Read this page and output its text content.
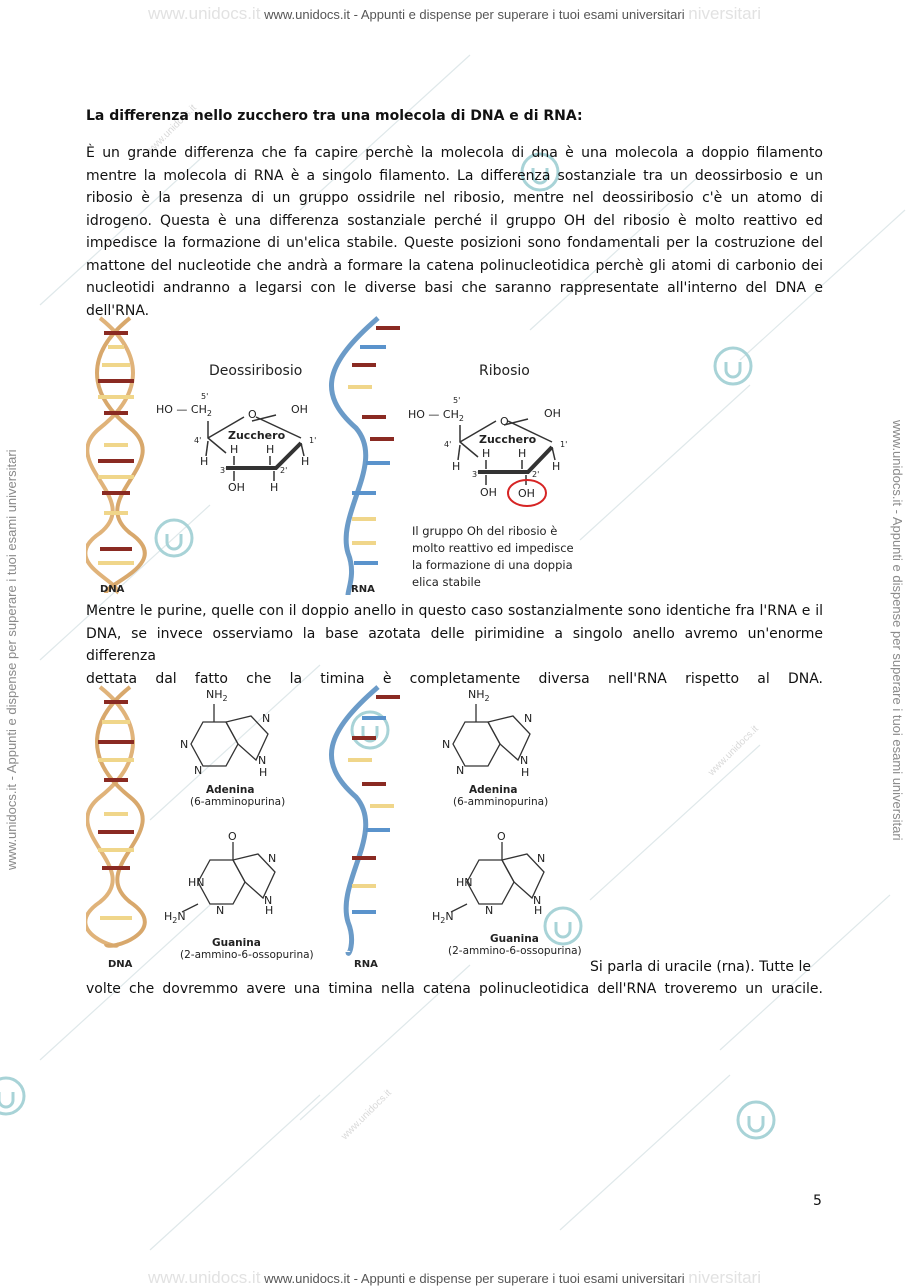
www.unidocs.it
www.unidocs.it
www.unidocs.it
www.unidocs.it www.unidocs.it - Appunti e dispense per superare i tuoi esami universitari niversitari
www.unidocs.it - Appunti e dispense per superare i tuoi esami universitari	www.unidocs.it - Appunti e dispense per superare i tuoi esami universitari
La differenza nello zucchero tra una molecola di DNA e di RNA:
È un grande differenza che fa capire perchè la molecola di dna è una molecola a doppio filamento mentre la molecola di RNA è a singolo filamento. La differenza sostanziale tra un deossirbosio e un ribosio è la presenza di un gruppo ossidrile nel ribosio, mentre nel deossiribosio c'è un atomo di idrogeno. Questa è una differenza sostanziale perché il gruppo OH del ribosio è molto reattivo ed impedisce la formazione di un'elica stabile. Queste posizioni sono fondamentali per la costruzione del mattone del nucleotide che andrà a formare la catena polinucleotidica perchè gli atomi di carbonio dei nucleotidi andranno a legarsi con le diverse basi che saranno rappresentate all'interno del DNA e dell'RNA.
DNA
Deossiribosio
HO — $CH_2$
5'
O	OH
4'	1'
Zucchero
H
H	H
H
3'	2'
OH H
RNA
Ribosio
HO — $CH_2$
5'
O
OH
4'	1'
Zucchero
H
H	H
H
3'	2'
OH OH
Il gruppo Oh del ribosio è
molto reattivo ed impedisce
la formazione di una doppia
elica stabile
Mentre le purine, quelle con il doppio anello in questo caso sostanzialmente sono identiche fra l'RNA e il DNA, se invece osserviamo la base azotata delle pirimidine a singolo anello avremo un'enorme differenza
dettata dal fatto che la timina è completamente diversa nell'RNA rispetto al DNA.
DNA
$NH_2$
N
N
N
N
H
Adenina
(6-amminopurina)
O
HN
N
N
N
H
$H_2N$
Guanina
(2-ammino-6-ossopurina)
RNA
$NH_2$
N
N
N
N
H
Adenina
(6-amminopurina)
O
HN
N
N
N
H
$H_2N$
Guanina
(2-ammino-6-ossopurina)
Si parla di uracile (rna). Tutte le
volte che dovremmo avere una timina nella catena polinucleotidica dell'RNA troveremo un uracile.
5
www.unidocs.it www.unidocs.it - Appunti e dispense per superare i tuoi esami universitari niversitari
